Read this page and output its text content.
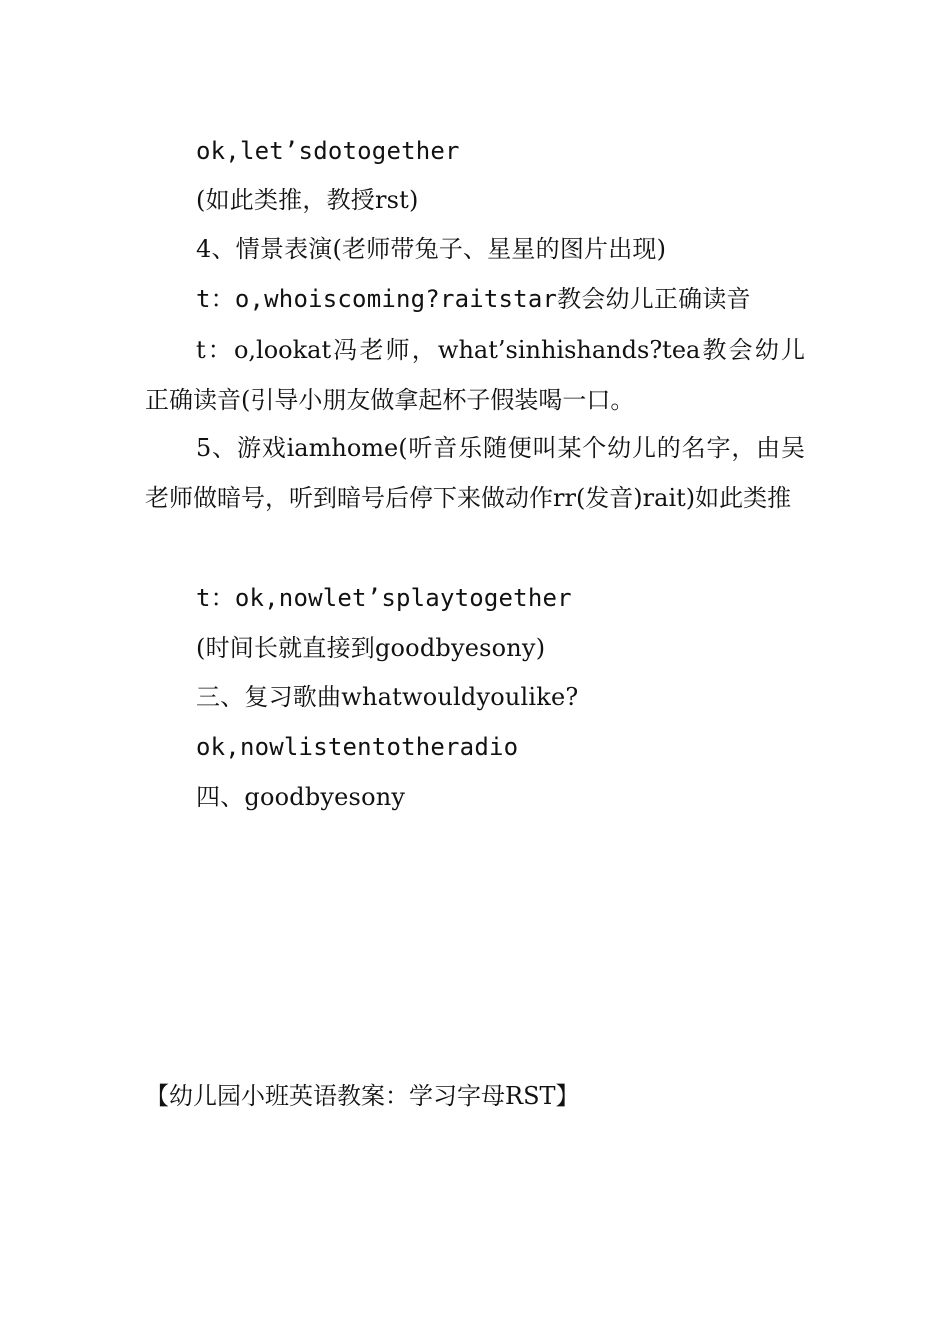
ok,let’sdotogether
(如此类推，教授rst)
4、情景表演(老师带兔子、星星的图片出现)
t：o,whoiscoming?raitstar教会幼儿正确读音
t：o,lookat冯老师，what’sinhishands?tea教会幼儿正确读音(引导小朋友做拿起杯子假装喝一口。
5、游戏iamhome(听音乐随便叫某个幼儿的名字，由吴老师做暗号，听到暗号后停下来做动作rr(发音)rait)如此类推
t：ok,nowlet’splaytogether
(时间长就直接到goodbyesony)
三、复习歌曲whatwouldyoulike?
ok,nowlistentotheradio
四、goodbyesony
【幼儿园小班英语教案：学习字母RST】
